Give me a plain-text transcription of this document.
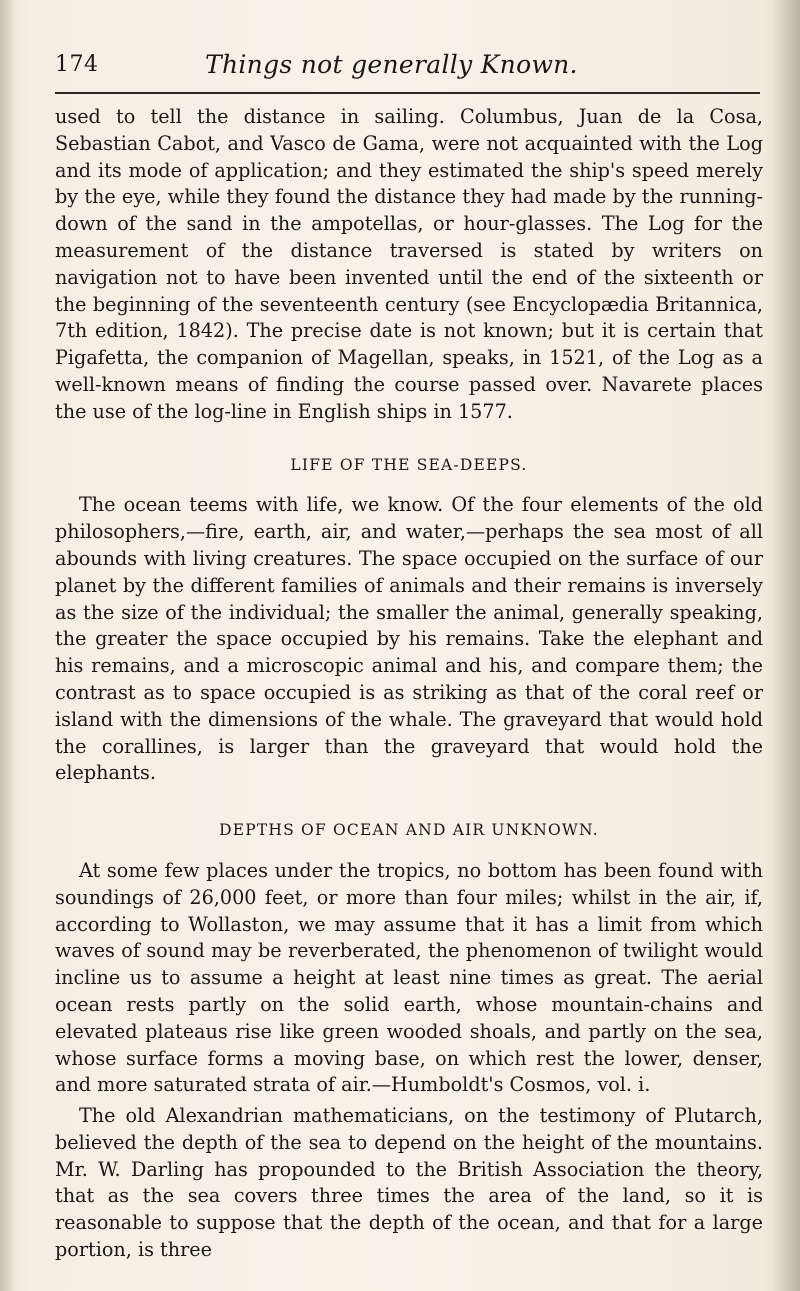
174	Things not generally Known.

used to tell the distance in sailing. Columbus, Juan de la Cosa, Sebastian Cabot, and Vasco de Gama, were not acquainted with the Log and its mode of application; and they estimated the ship's speed merely by the eye, while they found the distance they had made by the running-down of the sand in the ampotellas, or hour-glasses. The Log for the measurement of the distance traversed is stated by writers on navigation not to have been invented until the end of the sixteenth or the beginning of the seventeenth century (see Encyclopædia Britannica, 7th edition, 1842). The precise date is not known; but it is certain that Pigafetta, the companion of Magellan, speaks, in 1521, of the Log as a well-known means of finding the course passed over. Navarete places the use of the log-line in English ships in 1577.

LIFE OF THE SEA-DEEPS.

The ocean teems with life, we know. Of the four elements of the old philosophers,—fire, earth, air, and water,—perhaps the sea most of all abounds with living creatures. The space occupied on the surface of our planet by the different families of animals and their remains is inversely as the size of the individual; the smaller the animal, generally speaking, the greater the space occupied by his remains. Take the elephant and his remains, and a microscopic animal and his, and compare them; the contrast as to space occupied is as striking as that of the coral reef or island with the dimensions of the whale. The graveyard that would hold the corallines, is larger than the graveyard that would hold the elephants.

DEPTHS OF OCEAN AND AIR UNKNOWN.

At some few places under the tropics, no bottom has been found with soundings of 26,000 feet, or more than four miles; whilst in the air, if, according to Wollaston, we may assume that it has a limit from which waves of sound may be reverberated, the phenomenon of twilight would incline us to assume a height at least nine times as great. The aerial ocean rests partly on the solid earth, whose mountain-chains and elevated plateaus rise like green wooded shoals, and partly on the sea, whose surface forms a moving base, on which rest the lower, denser, and more saturated strata of air.—Humboldt's Cosmos, vol. i.

The old Alexandrian mathematicians, on the testimony of Plutarch, believed the depth of the sea to depend on the height of the mountains. Mr. W. Darling has propounded to the British Association the theory, that as the sea covers three times the area of the land, so it is reasonable to suppose that the depth of the ocean, and that for a large portion, is three
